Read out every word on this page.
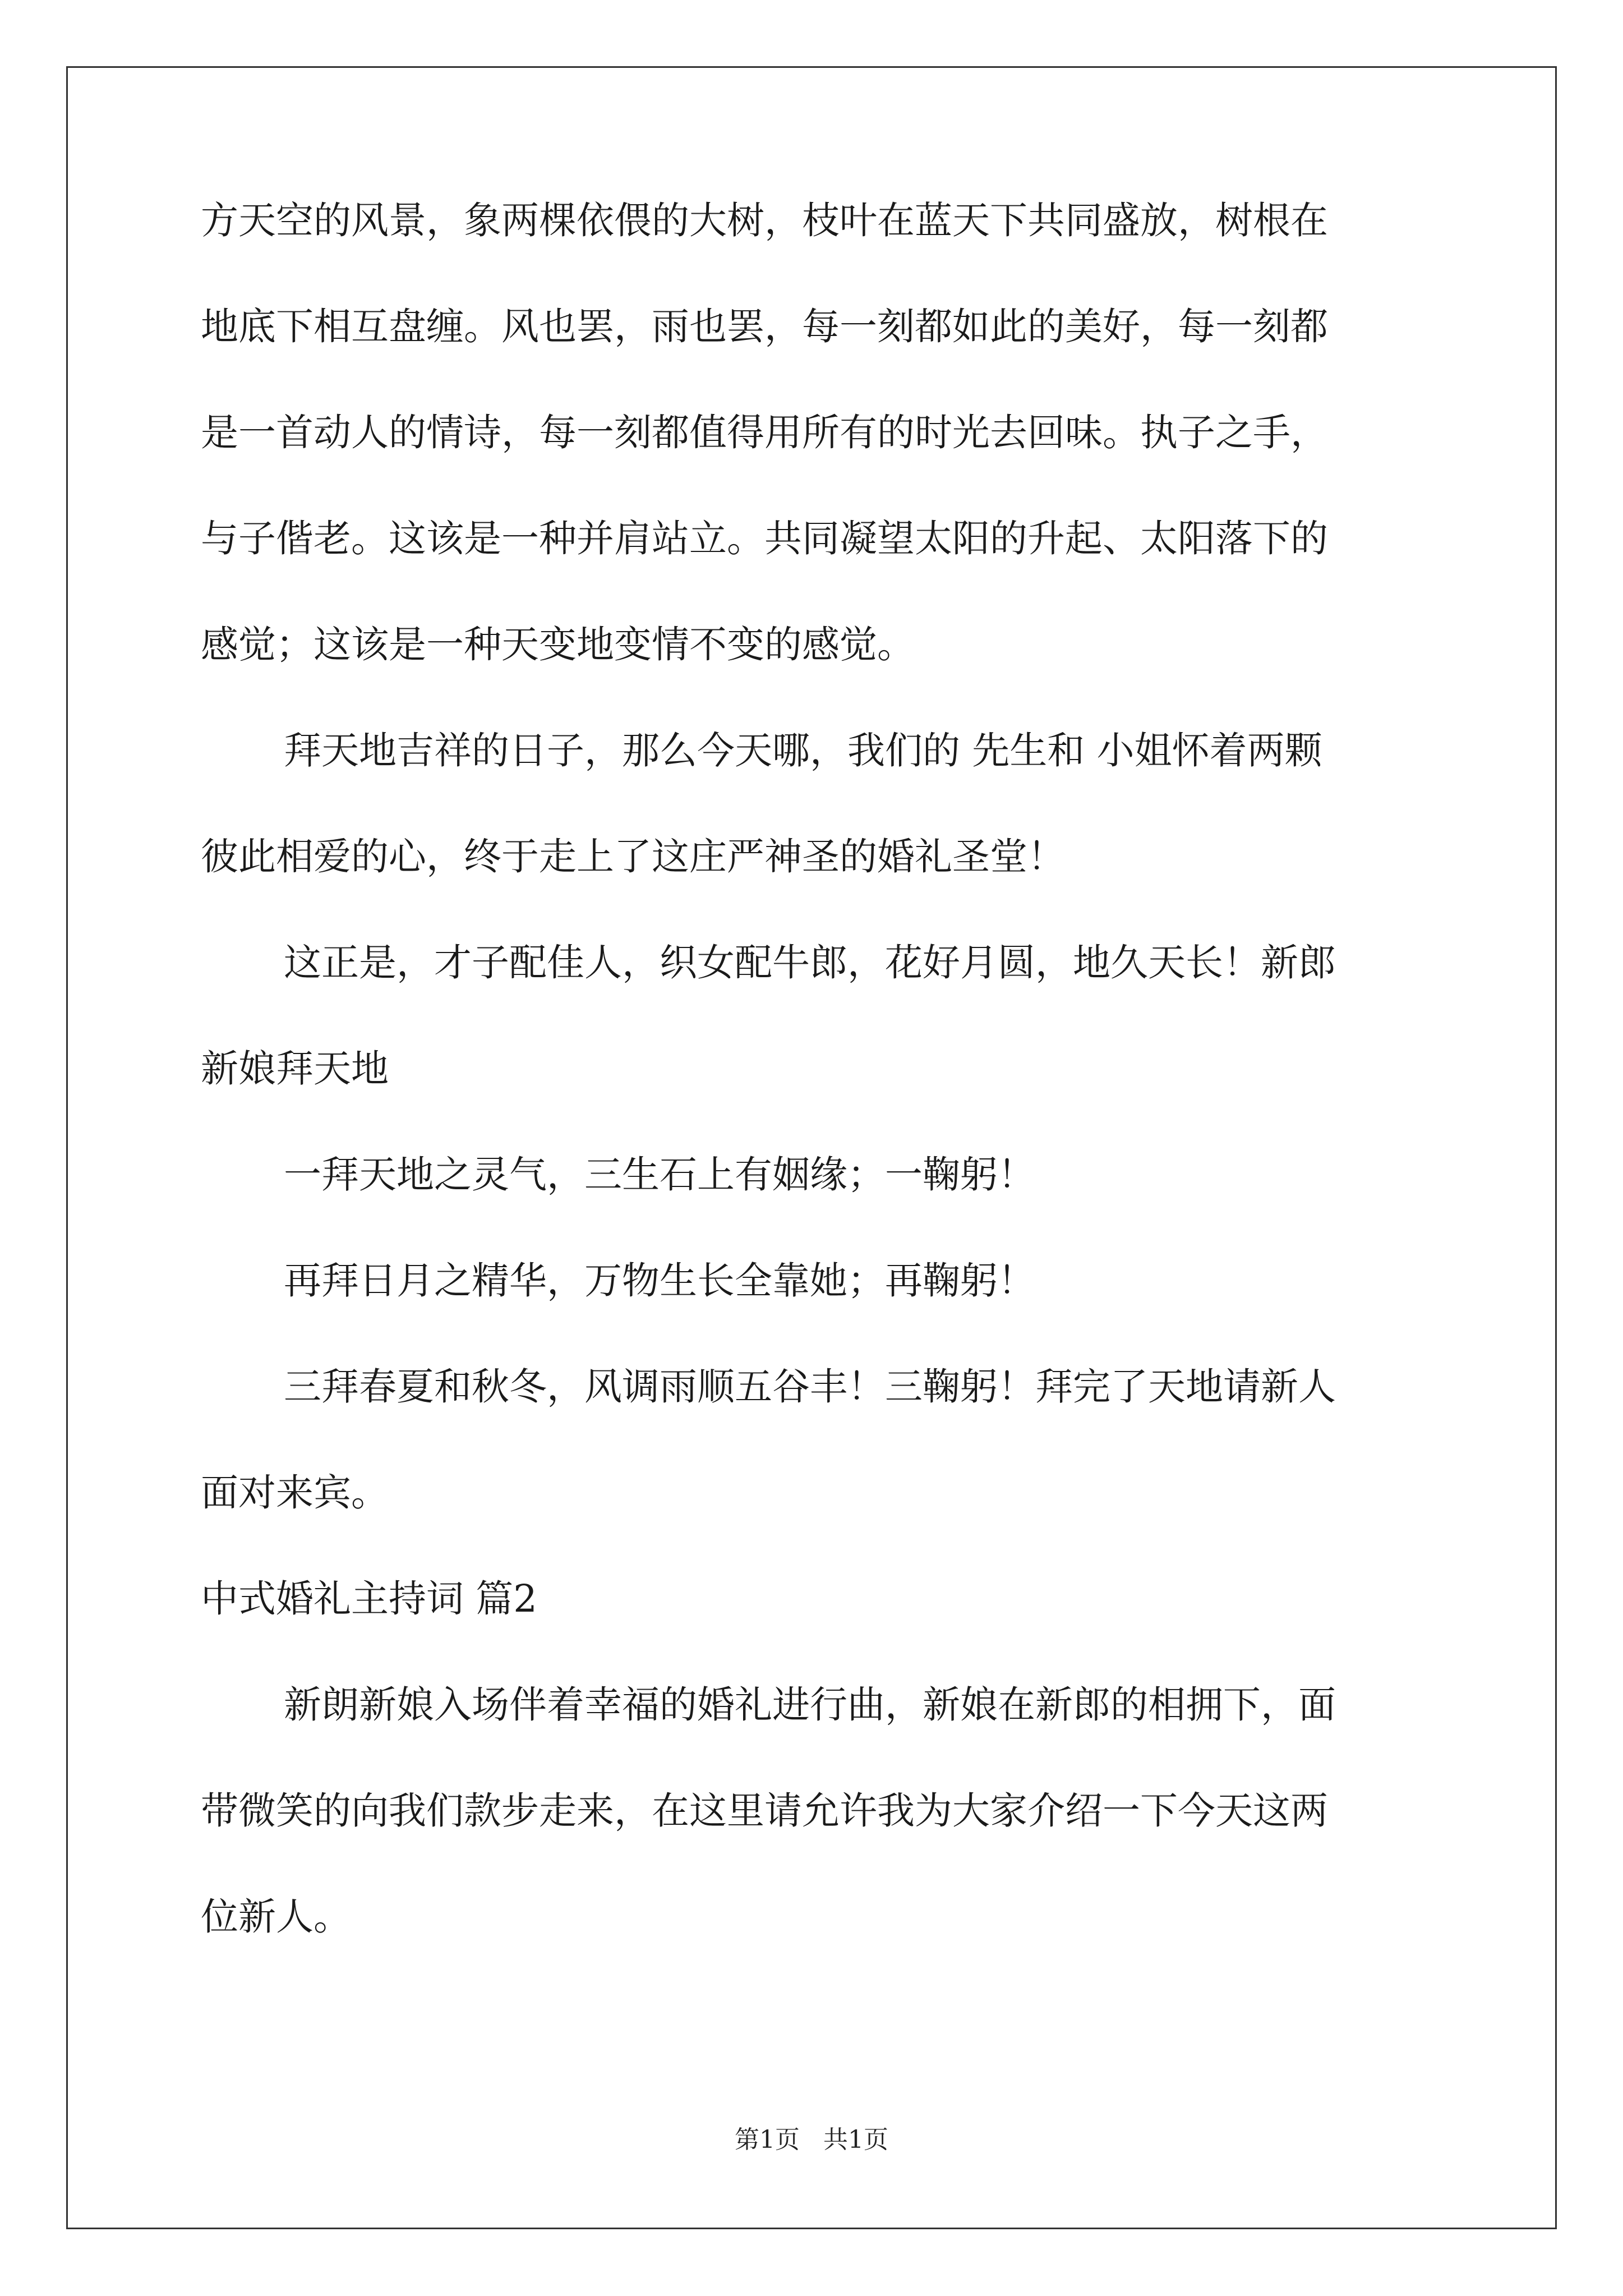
方天空的风景，象两棵依偎的大树，枝叶在蓝天下共同盛放，树根在
地底下相互盘缠。风也罢，雨也罢，每一刻都如此的美好，每一刻都
是一首动人的情诗，每一刻都值得用所有的时光去回味。执子之手，
与子偕老。这该是一种并肩站立。共同凝望太阳的升起、太阳落下的
感觉；这该是一种天变地变情不变的感觉。
拜天地吉祥的日子，那么今天哪，我们的 先生和 小姐怀着两颗
彼此相爱的心，终于走上了这庄严神圣的婚礼圣堂！
这正是，才子配佳人，织女配牛郎，花好月圆，地久天长！新郎
新娘拜天地
一拜天地之灵气，三生石上有姻缘；一鞠躬！
再拜日月之精华，万物生长全靠她；再鞠躬！
三拜春夏和秋冬，风调雨顺五谷丰！三鞠躬！拜完了天地请新人
面对来宾。
中式婚礼主持词 篇2
新朗新娘入场伴着幸福的婚礼进行曲，新娘在新郎的相拥下，面
带微笑的向我们款步走来，在这里请允许我为大家介绍一下今天这两
位新人。
第1页 共1页
